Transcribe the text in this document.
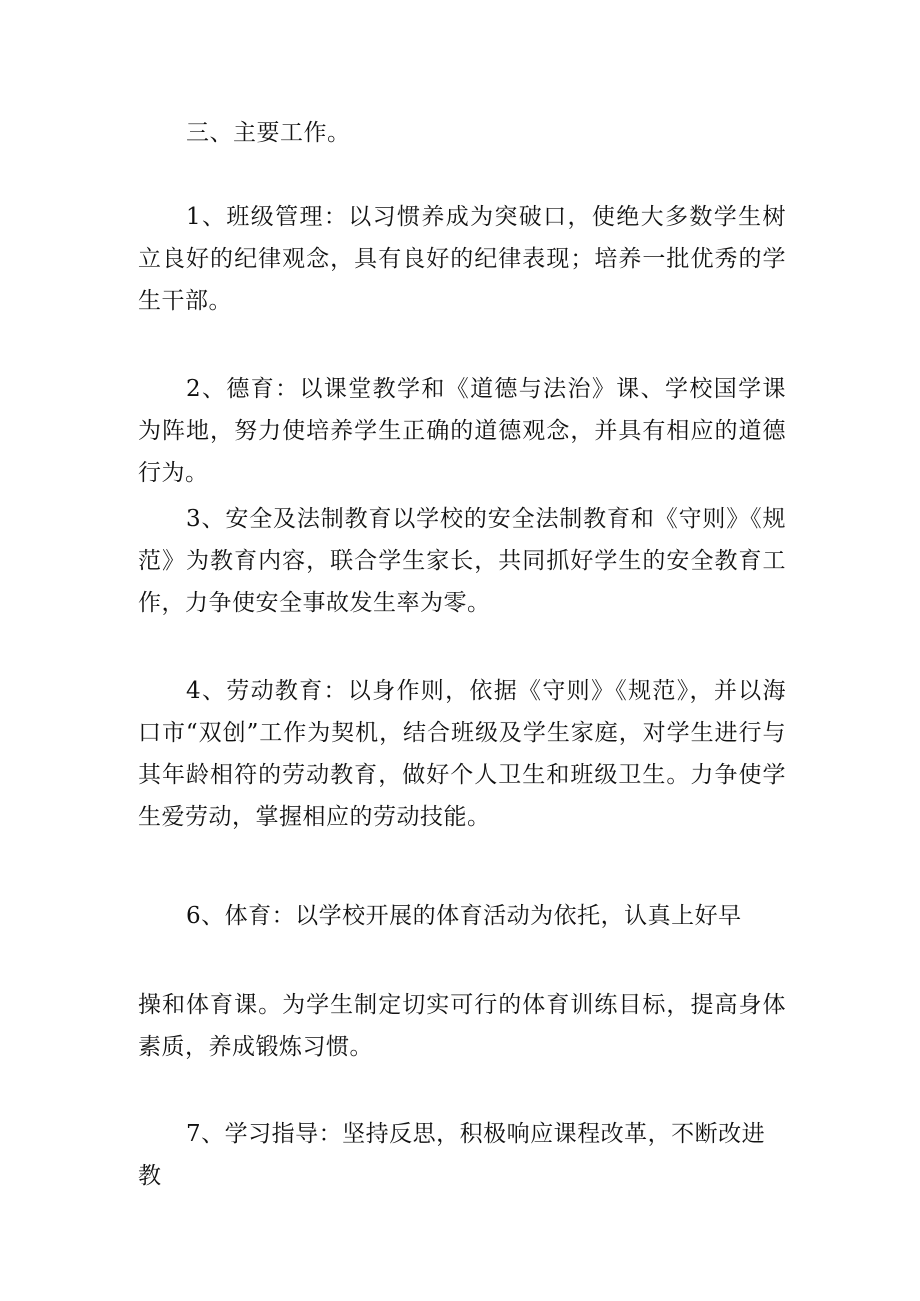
三、主要工作。
1、班级管理：以习惯养成为突破口，使绝大多数学生树立良好的纪律观念，具有良好的纪律表现；培养一批优秀的学生干部。
2、德育：以课堂教学和《道德与法治》课、学校国学课为阵地，努力使培养学生正确的道德观念，并具有相应的道德行为。
3、安全及法制教育以学校的安全法制教育和《守则》《规范》为教育内容，联合学生家长，共同抓好学生的安全教育工作，力争使安全事故发生率为零。
4、劳动教育：以身作则，依据《守则》《规范》，并以海口市“双创”工作为契机，结合班级及学生家庭，对学生进行与其年龄相符的劳动教育，做好个人卫生和班级卫生。力争使学生爱劳动，掌握相应的劳动技能。
6、体育：以学校开展的体育活动为依托，认真上好早
操和体育课。为学生制定切实可行的体育训练目标，提高身体素质，养成锻炼习惯。
7、学习指导：坚持反思，积极响应课程改革，不断改进教
